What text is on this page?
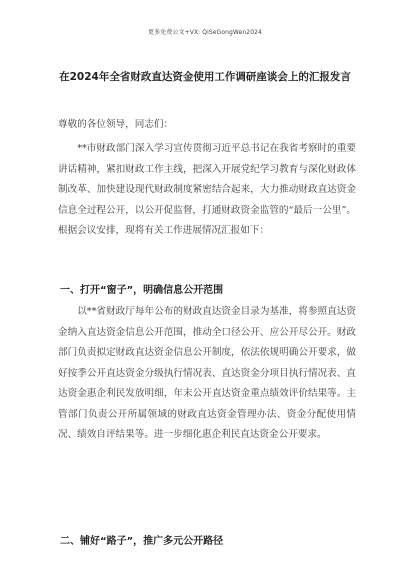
更多免费公文+VX: QiSeGongWen2024
在2024年全省财政直达资金使用工作调研座谈会上的汇报发言

尊敬的各位领导，同志们：

**市财政部门深入学习宣传贯彻习近平总书记在我省考察时的重要讲话精神，紧扣财政工作主线，把深入开展党纪学习教育与深化财政体制改革、加快建设现代财政制度紧密结合起来，大力推动财政直达资金信息全过程公开，以公开促监督，打通财政资金监管的“最后一公里”。根据会议安排，现将有关工作进展情况汇报如下：

一、打开“窗子”，明确信息公开范围

以**省财政厅每年公布的财政直达资金目录为基准，将参照直达资金纳入直达资金信息公开范围，推动全口径公开、应公开尽公开。财政部门负责拟定财政直达资金信息公开制度，依法依规明确公开要求，做好按季公开直达资金分级执行情况表、直达资金分项目执行情况表、直达资金惠企利民发放明细，年末公开直达资金重点绩效评价结果等。主管部门负责公开所属领域的财政直达资金管理办法、资金分配使用情况、绩效自评结果等。进一步细化惠企利民直达资金公开要求。

二、铺好“路子”，推广多元公开路径
